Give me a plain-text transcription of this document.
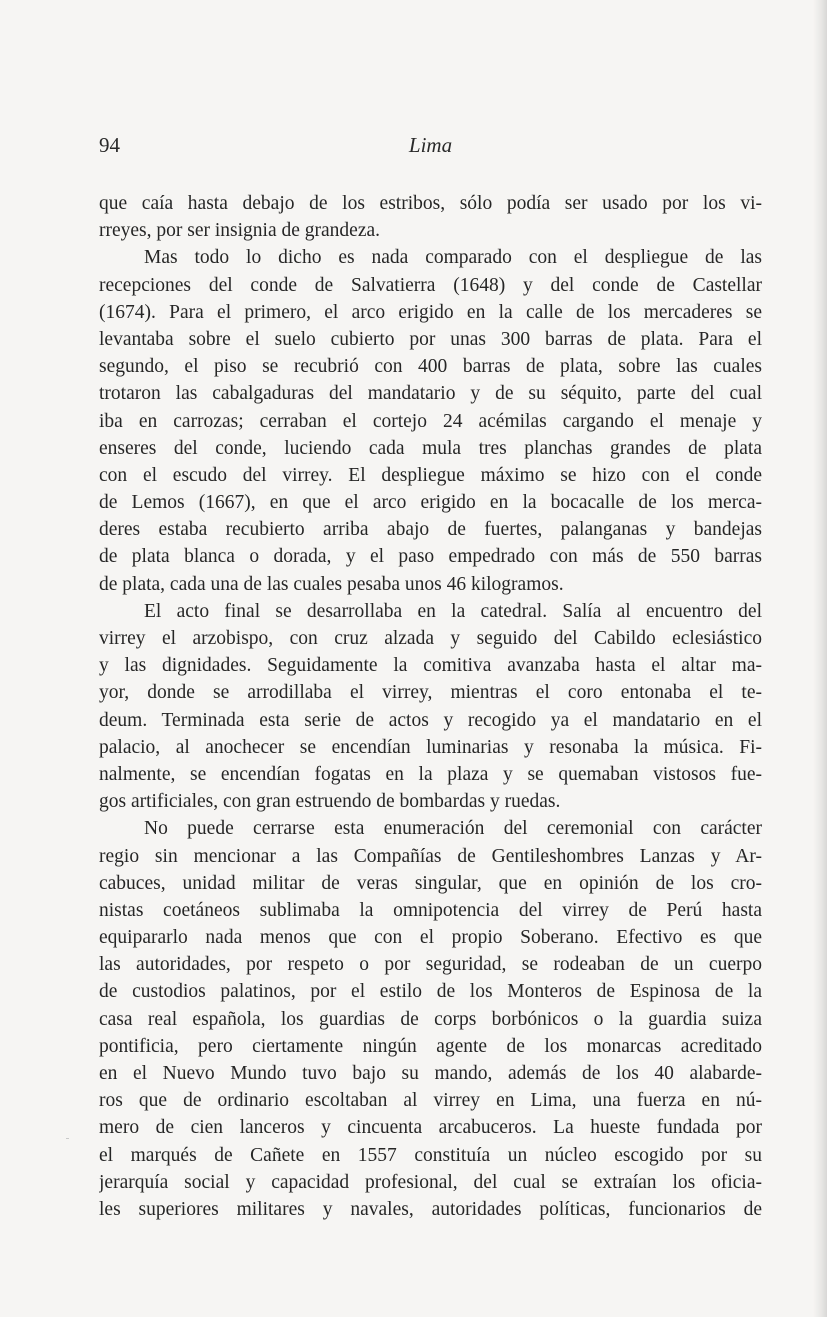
94	Lima
que caía hasta debajo de los estribos, sólo podía ser usado por los vi-
rreyes, por ser insignia de grandeza.
Mas todo lo dicho es nada comparado con el despliegue de las
recepciones del conde de Salvatierra (1648) y del conde de Castellar
(1674). Para el primero, el arco erigido en la calle de los mercaderes se
levantaba sobre el suelo cubierto por unas 300 barras de plata. Para el
segundo, el piso se recubrió con 400 barras de plata, sobre las cuales
trotaron las cabalgaduras del mandatario y de su séquito, parte del cual
iba en carrozas; cerraban el cortejo 24 acémilas cargando el menaje y
enseres del conde, luciendo cada mula tres planchas grandes de plata
con el escudo del virrey. El despliegue máximo se hizo con el conde
de Lemos (1667), en que el arco erigido en la bocacalle de los merca-
deres estaba recubierto arriba abajo de fuertes, palanganas y bandejas
de plata blanca o dorada, y el paso empedrado con más de 550 barras
de plata, cada una de las cuales pesaba unos 46 kilogramos.
El acto final se desarrollaba en la catedral. Salía al encuentro del
virrey el arzobispo, con cruz alzada y seguido del Cabildo eclesiástico
y las dignidades. Seguidamente la comitiva avanzaba hasta el altar ma-
yor, donde se arrodillaba el virrey, mientras el coro entonaba el te-
deum. Terminada esta serie de actos y recogido ya el mandatario en el
palacio, al anochecer se encendían luminarias y resonaba la música. Fi-
nalmente, se encendían fogatas en la plaza y se quemaban vistosos fue-
gos artificiales, con gran estruendo de bombardas y ruedas.
No puede cerrarse esta enumeración del ceremonial con carácter
regio sin mencionar a las Compañías de Gentileshombres Lanzas y Ar-
cabuces, unidad militar de veras singular, que en opinión de los cro-
nistas coetáneos sublimaba la omnipotencia del virrey de Perú hasta
equipararlo nada menos que con el propio Soberano. Efectivo es que
las autoridades, por respeto o por seguridad, se rodeaban de un cuerpo
de custodios palatinos, por el estilo de los Monteros de Espinosa de la
casa real española, los guardias de corps borbónicos o la guardia suiza
pontificia, pero ciertamente ningún agente de los monarcas acreditado
en el Nuevo Mundo tuvo bajo su mando, además de los 40 alabarde-
ros que de ordinario escoltaban al virrey en Lima, una fuerza en nú-
mero de cien lanceros y cincuenta arcabuceros. La hueste fundada por
el marqués de Cañete en 1557 constituía un núcleo escogido por su
jerarquía social y capacidad profesional, del cual se extraían los oficia-
les superiores militares y navales, autoridades políticas, funcionarios de
